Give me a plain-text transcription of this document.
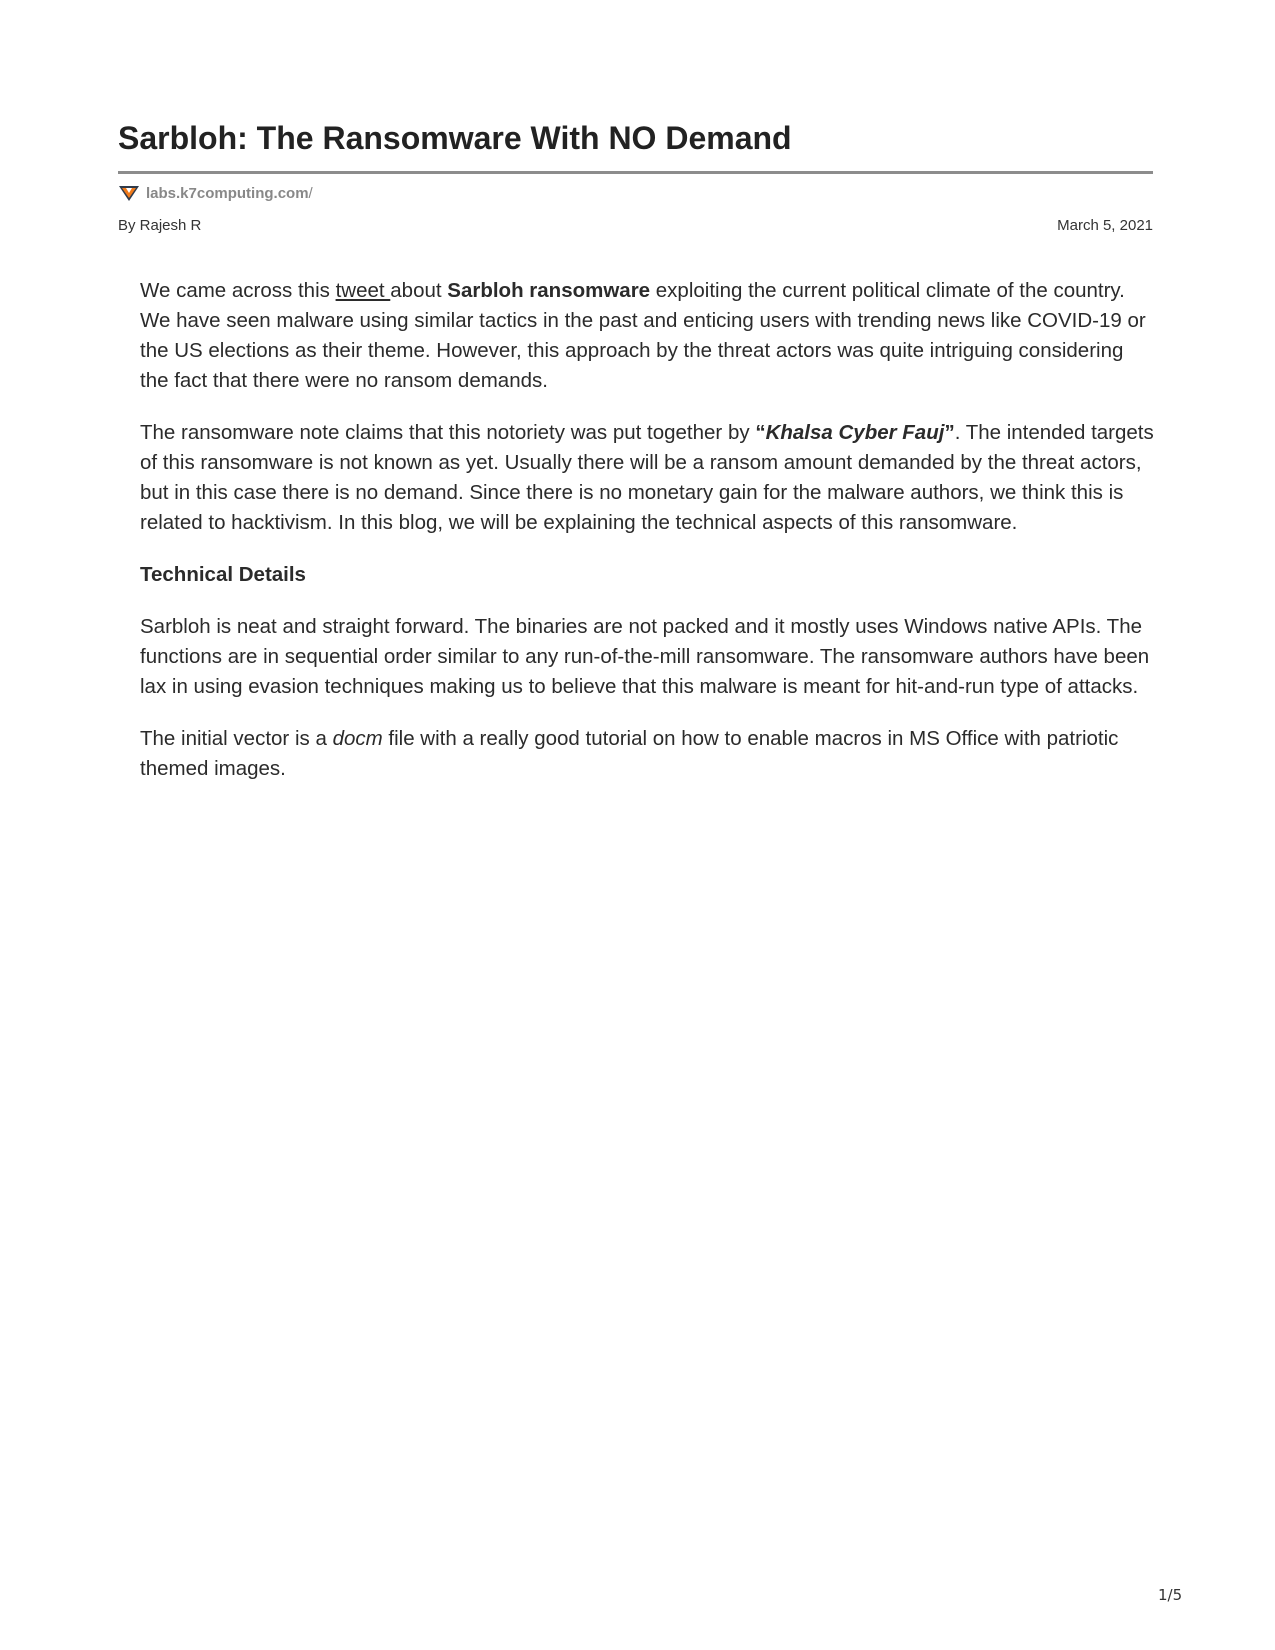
Sarbloh: The Ransomware With NO Demand
labs.k7computing.com /
By Rajesh R	March 5, 2021

We came across this tweet about Sarbloh ransomware exploiting the current political climate of the country. We have seen malware using similar tactics in the past and enticing users with trending news like COVID-19 or the US elections as their theme. However, this approach by the threat actors was quite intriguing considering the fact that there were no ransom demands.

The ransomware note claims that this notoriety was put together by “Khalsa Cyber Fauj”. The intended targets of this ransomware is not known as yet. Usually there will be a ransom amount demanded by the threat actors, but in this case there is no demand. Since there is no monetary gain for the malware authors, we think this is related to hacktivism. In this blog, we will be explaining the technical aspects of this ransomware.

Technical Details

Sarbloh is neat and straight forward. The binaries are not packed and it mostly uses Windows native APIs. The functions are in sequential order similar to any run-of-the-mill ransomware. The ransomware authors have been lax in using evasion techniques making us to believe that this malware is meant for hit-and-run type of attacks.

The initial vector is a docm file with a really good tutorial on how to enable macros in MS Office with patriotic themed images.

1/5
